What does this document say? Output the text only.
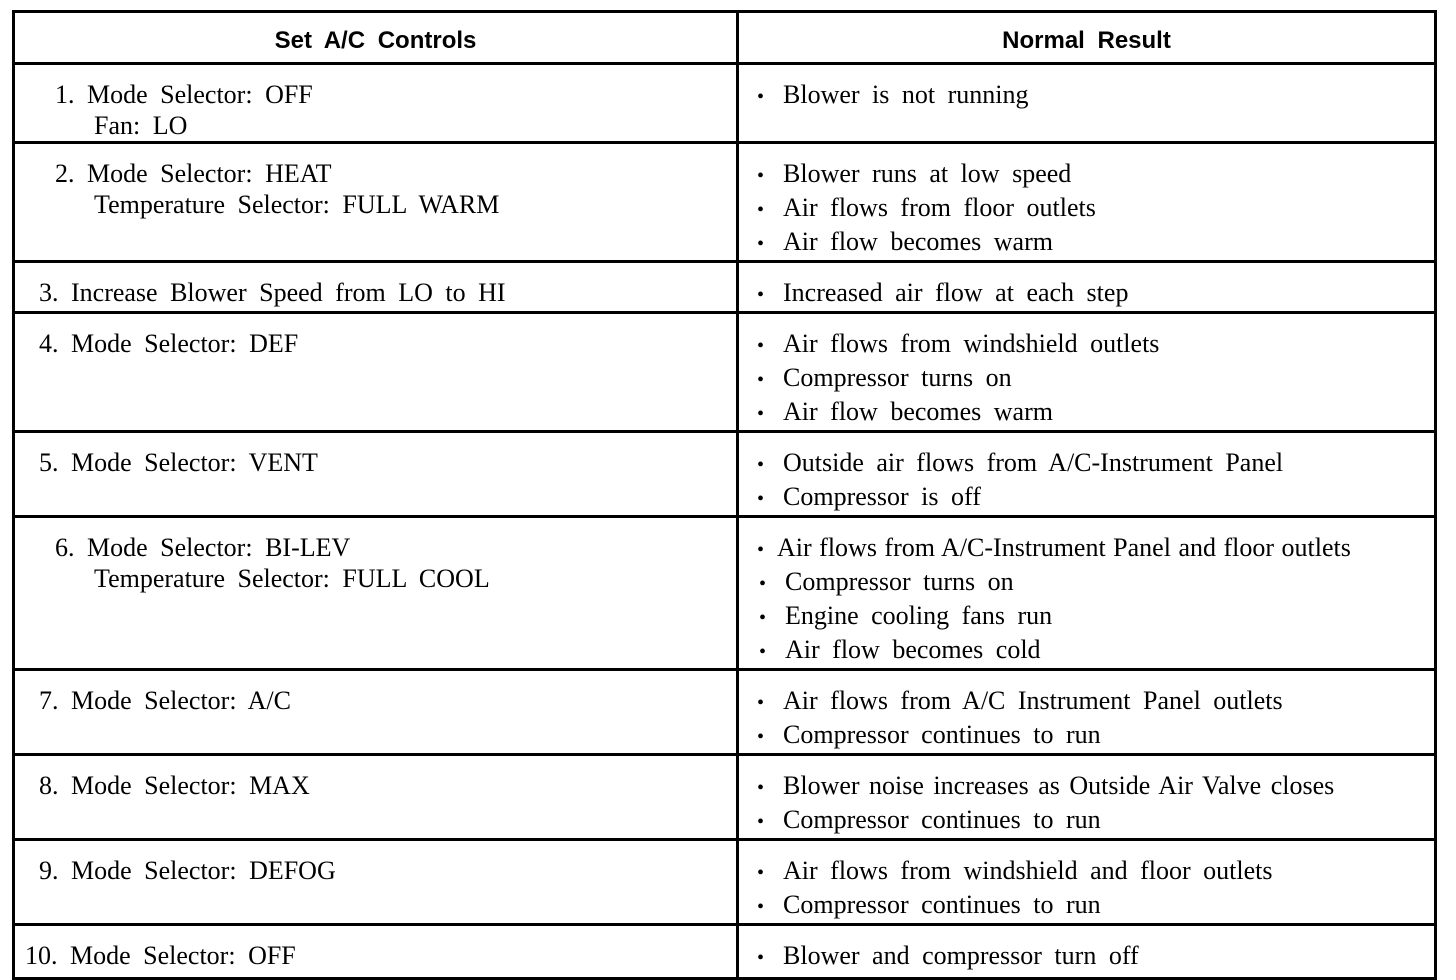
Set A/C Controls	Normal Result

1. Mode Selector: OFF
Fan: LO	• Blower is not running

2. Mode Selector: HEAT
Temperature Selector: FULL WARM	• Blower runs at low speed
• Air flows from floor outlets
• Air flow becomes warm

3. Increase Blower Speed from LO to HI	• Increased air flow at each step

4. Mode Selector: DEF	• Air flows from windshield outlets
• Compressor turns on
• Air flow becomes warm

5. Mode Selector: VENT	• Outside air flows from A/C-Instrument Panel
• Compressor is off

6. Mode Selector: BI-LEV
Temperature Selector: FULL COOL	• Air flows from A/C-Instrument Panel and floor outlets
• Compressor turns on
• Engine cooling fans run
• Air flow becomes cold

7. Mode Selector: A/C	• Air flows from A/C Instrument Panel outlets
• Compressor continues to run

8. Mode Selector: MAX	• Blower noise increases as Outside Air Valve closes
• Compressor continues to run

9. Mode Selector: DEFOG	• Air flows from windshield and floor outlets
• Compressor continues to run

10. Mode Selector: OFF	• Blower and compressor turn off
